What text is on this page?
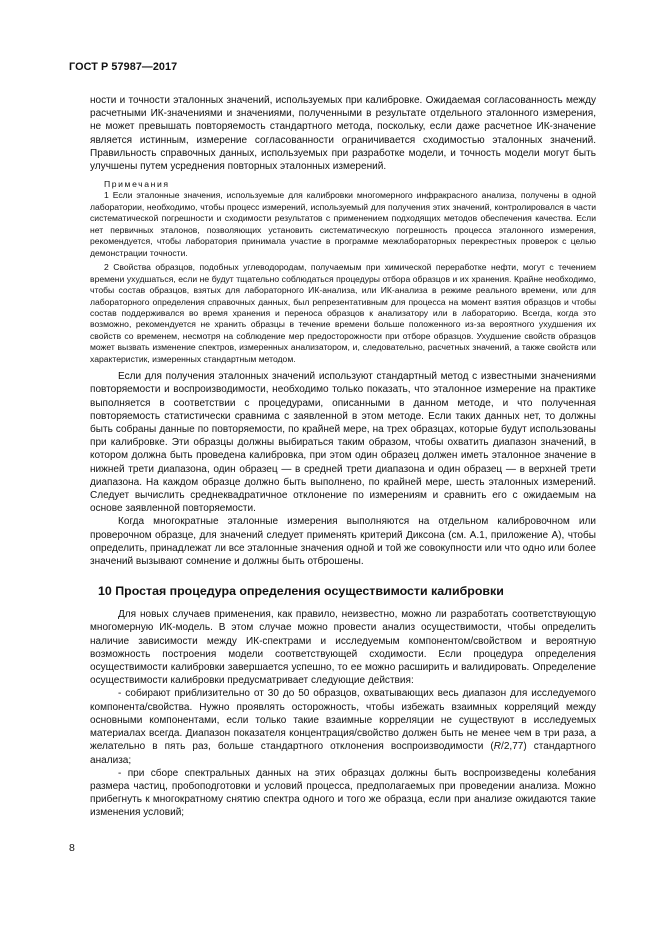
ГОСТ Р 57987—2017

ности и точности эталонных значений, используемых при калибровке. Ожидаемая согласованность между расчетными ИК-значениями и значениями, полученными в результате отдельного эталонного измерения, не может превышать повторяемость стандартного метода, поскольку, если даже расчетное ИК-значение является истинным, измерение согласованности ограничивается сходимостью эталонных значений. Правильность справочных данных, используемых при разработке модели, и точность модели могут быть улучшены путем усреднения повторных эталонных измерений.

Примечания

1 Если эталонные значения, используемые для калибровки многомерного инфракрасного анализа, получены в одной лаборатории, необходимо, чтобы процесс измерений, используемый для получения этих значений, контролировался в части систематической погрешности и сходимости результатов с применением подходящих методов обеспечения качества. Если нет первичных эталонов, позволяющих установить систематическую погрешность процесса эталонного измерения, рекомендуется, чтобы лаборатория принимала участие в программе межлабораторных перекрестных проверок с целью демонстрации точности.

2 Свойства образцов, подобных углеводородам, получаемым при химической переработке нефти, могут с течением времени ухудшаться, если не будут тщательно соблюдаться процедуры отбора образцов и их хранения. Крайне необходимо, чтобы состав образцов, взятых для лабораторного ИК-анализа, или ИК-анализа в режиме реального времени, или для лабораторного определения справочных данных, был репрезентативным для процесса на момент взятия образцов и чтобы состав поддерживался во время хранения и переноса образцов к анализатору или в лабораторию. Всегда, когда это возможно, рекомендуется не хранить образцы в течение времени больше положенного из-за вероятного ухудшения их свойств со временем, несмотря на соблюдение мер предосторожности при отборе образцов. Ухудшение свойств образцов может вызвать изменение спектров, измеренных анализатором, и, следовательно, расчетных значений, а также свойств или характеристик, измеренных стандартным методом.

Если для получения эталонных значений используют стандартный метод с известными значениями повторяемости и воспроизводимости, необходимо только показать, что эталонное измерение на практике выполняется в соответствии с процедурами, описанными в данном методе, и что полученная повторяемость статистически сравнима с заявленной в этом методе. Если таких данных нет, то должны быть собраны данные по повторяемости, по крайней мере, на трех образцах, которые будут использованы при калибровке. Эти образцы должны выбираться таким образом, чтобы охватить диапазон значений, в котором должна быть проведена калибровка, при этом один образец должен иметь эталонное значение в нижней трети диапазона, один образец — в средней трети диапазона и один образец — в верхней трети диапазона. На каждом образце должно быть выполнено, по крайней мере, шесть эталонных измерений. Следует вычислить среднеквадратичное отклонение по измерениям и сравнить его с ожидаемым на основе заявленной повторяемости.

Когда многократные эталонные измерения выполняются на отдельном калибровочном или проверочном образце, для значений следует применять критерий Диксона (см. А.1, приложение А), чтобы определить, принадлежат ли все эталонные значения одной и той же совокупности или что одно или более значений вызывают сомнение и должны быть отброшены.

10 Простая процедура определения осуществимости калибровки

Для новых случаев применения, как правило, неизвестно, можно ли разработать соответствующую многомерную ИК-модель. В этом случае можно провести анализ осуществимости, чтобы определить наличие зависимости между ИК-спектрами и исследуемым компонентом/свойством и вероятную возможность построения модели соответствующей сходимости. Если процедура определения осуществимости калибровки завершается успешно, то ее можно расширить и валидировать. Определение осуществимости калибровки предусматривает следующие действия:

- собирают приблизительно от 30 до 50 образцов, охватывающих весь диапазон для исследуемого компонента/свойства. Нужно проявлять осторожность, чтобы избежать взаимных корреляций между основными компонентами, если только такие взаимные корреляции не существуют в исследуемых материалах всегда. Диапазон показателя концентрация/свойство должен быть не менее чем в три раза, а желательно в пять раз, больше стандартного отклонения воспроизводимости (R/2,77) стандартного анализа;

- при сборе спектральных данных на этих образцах должны быть воспроизведены колебания размера частиц, пробоподготовки и условий процесса, предполагаемых при проведении анализа. Можно прибегнуть к многократному снятию спектра одного и того же образца, если при анализе ожидаются такие изменения условий;

8
